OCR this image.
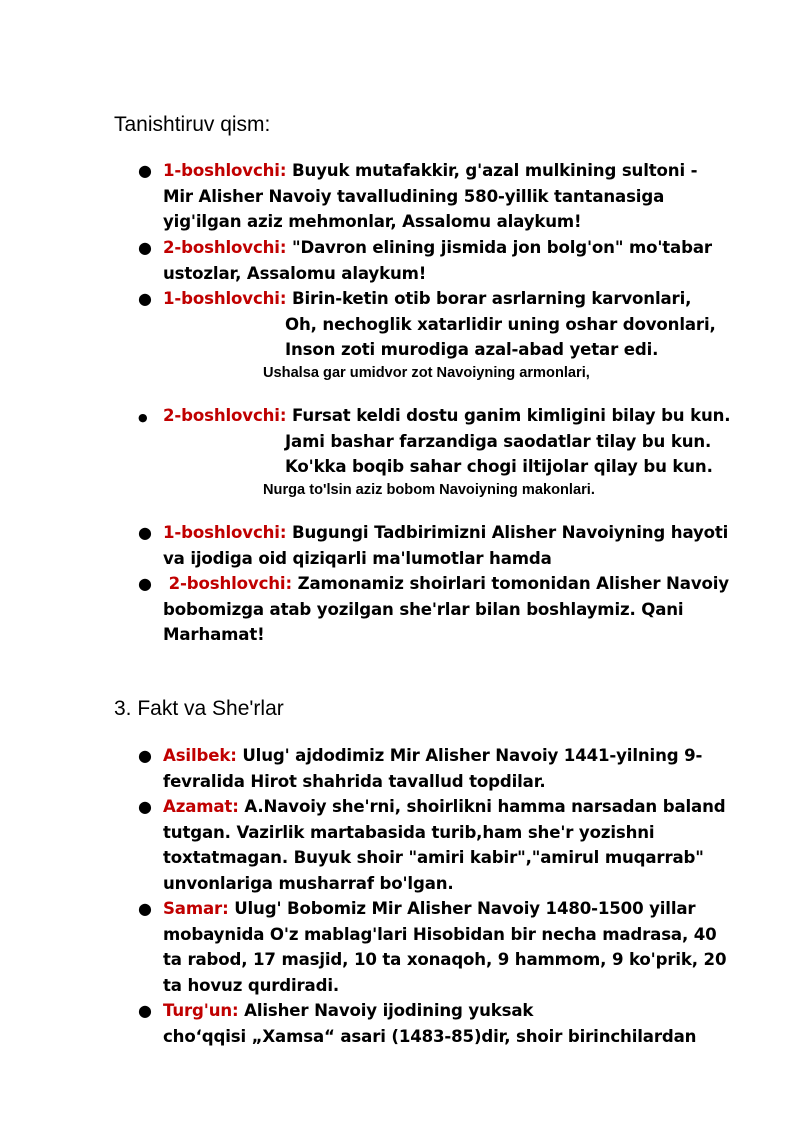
Tanishtiruv qism:
● 1-boshlovchi: Buyuk mutafakkir, g'azal mulkining sultoni -
Mir Alisher Navoiy tavalludining 580-yillik tantanasiga
yig'ilgan aziz mehmonlar, Assalomu alaykum!
● 2-boshlovchi: "Davron elining jismida jon bolg'on" mo'tabar
ustozlar, Assalomu alaykum!
● 1-boshlovchi: Birin-ketin otib borar asrlarning karvonlari,
Oh, nechoglik xatarlidir uning oshar dovonlari,
Inson zoti murodiga azal-abad yetar edi.
Ushalsa gar umidvor zot Navoiyning armonlari,
● 2-boshlovchi: Fursat keldi dostu ganim kimligini bilay bu kun.
Jami bashar farzandiga saodatlar tilay bu kun.
Ko'kka boqib sahar chogi iltijolar qilay bu kun.
Nurga to'lsin aziz bobom Navoiyning makonlari.
● 1-boshlovchi: Bugungi Tadbirimizni Alisher Navoiyning hayoti
va ijodiga oid qiziqarli ma'lumotlar hamda
● 2-boshlovchi: Zamonamiz shoirlari tomonidan Alisher Navoiy
bobomizga atab yozilgan she'rlar bilan boshlaymiz. Qani
Marhamat!
3. Fakt va She'rlar
● Asilbek: Ulug' ajdodimiz Mir Alisher Navoiy 1441-yilning 9-
fevralida Hirot shahrida tavallud topdilar.
● Azamat: A.Navoiy she'rni, shoirlikni hamma narsadan baland
tutgan. Vazirlik martabasida turib,ham she'r yozishni
toxtatmagan. Buyuk shoir "amiri kabir","amirul muqarrab"
unvonlariga musharraf bo'lgan.
● Samar: Ulug' Bobomiz Mir Alisher Navoiy 1480-1500 yillar
mobaynida O'z mablag'lari Hisobidan bir necha madrasa, 40
ta rabod, 17 masjid, 10 ta xonaqoh, 9 hammom, 9 ko'prik, 20
ta hovuz qurdiradi.
● Turg'un: Alisher Navoiy ijodining yuksak
cho‘qqisi „Xamsa“ asari (1483-85)dir, shoir birinchilardan
